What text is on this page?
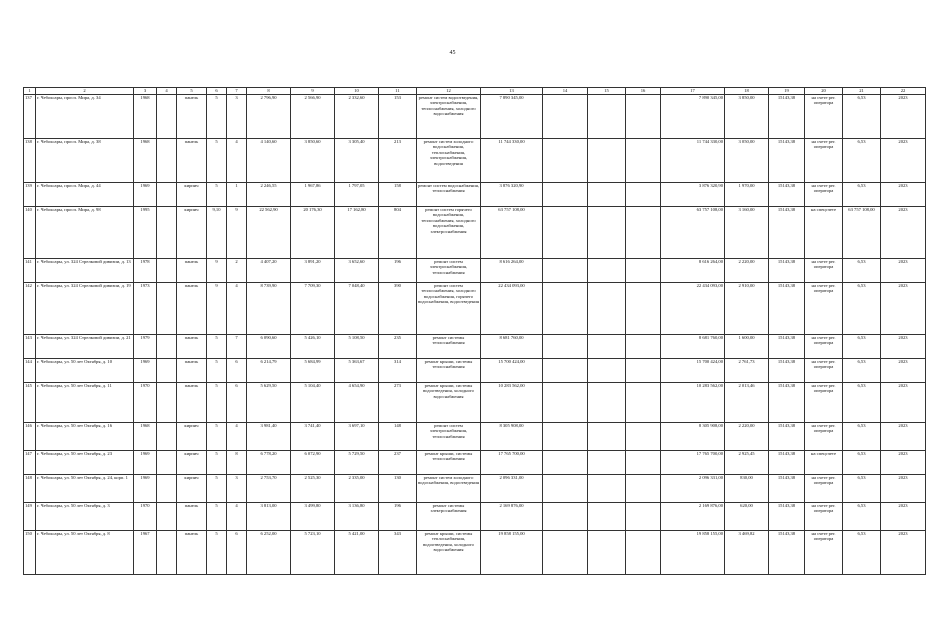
45
1	2	3	4	5	6	7	8	9	10	11	12	13	14	15	16	17	18	19	20	21	22
137	г. Чебоксары, просп. Мира, д. 34	1968		панель	5	3	2 796,90	2 566,90	2 332,60	153	ремонт систем водоотведения, электроснабжения, теплоснабжения, холодного водоснабжения	7 890 345,00				7 890 345,00	3 850,00	15143,38	на счете рег. оператора	6,53	2023
138	г. Чебоксары, просп. Мира, д. 38	1968		панель	5	4	4 140,60	3 850,60	3 305,40	213	ремонт систем холодного водоснабжения, теплоснабжения, электроснабжения, водоотведения	11 744 330,00				11 744 330,00	3 050,00	15143,38	на счете рег. оператора	6,53	2023
139	г. Чебоксары, просп. Мира, д. 44	1969		кирпич	5	1	2 246,55	1 967,86	1 797,05	158	ремонт систем водоснабжения, теплоснабжения	3 876 320,90				3 876 320,90	1 970,00	15143,38	на счете рег. оператора	6,53	2023
140	г. Чебоксары, просп. Мира, д. 98	1995		кирпич	9,10	9	22 562,90	20 176,30	17 162,80	804	ремонт систем горячего водоснабжения, теплоснабжения, холодного водоснабжения, электроснабжения	63 757 108,00				63 757 108,00	3 160,00	15143,38	на спецсчете	63 757 108,00	2023
141	г. Чебоксары, ул. 324 Стрелковой дивизии, д. 13	1978		панель	9	2	4 407,20	3 891,20	3 652,60	196	ремонт систем электроснабжения, теплоснабжения	8 616 264,00				8 616 264,00	2 220,00	15143,38	на счете рег. оператора	6,53	2023
142	г. Чебоксары, ул. 324 Стрелковой дивизии, д. 19	1973		панель	9	4	8 739,90	7 709,30	7 048,40	390	ремонт систем теплоснабжения, холодного водоснабжения, горячего водоснабжения, водоотведения	22 434 093,00				22 434 093,00	2 910,00	15143,38	на счете рег. оператора	6,53	2023
143	г. Чебоксары, ул. 324 Стрелковой дивизии, д. 21	1979		панель	5	7	6 090,60	5 426,10	5 108,50	235	ремонт системы теплоснабжения	8 681 760,00				8 681 760,00	1 600,00	15143,38	на счете рег. оператора	6,53	2023
144	г. Чебоксары, ул. 50 лет Октября, д. 10	1969		панель	5	6	6 214,79	5 684,99	5 363,67	314	ремонт крыши, системы теплоснабжения	15 700 424,00				15 700 424,00	2 761,73	15143,38	на счете рег. оператора	6,53	2023
145	г. Чебоксары, ул. 50 лет Октября, д. 11	1970		панель	5	6	5 629,50	5 104,40	4 654,90	273	ремонт крыши, системы водоотведения, холодного водоснабжения	10 283 562,00				10 283 562,00	2 013,46	15143,38	на счете рег. оператора	6,53	2023
146	г. Чебоксары, ул. 50 лет Октября, д. 16	1968		кирпич	5	4	3 981,40	3 741,40	3 697,10	148	ремонт систем электроснабжения, теплоснабжения	8 305 908,00				8 305 908,00	2 220,00	15143,38	на счете рег. оператора	6,53	2023
147	г. Чебоксары, ул. 50 лет Октября, д. 23	1969		кирпич	5	8	6 778,20	6 072,90	5 729,50	237	ремонт крыши, системы теплоснабжения	17 765 700,00				17 765 700,00	2 925,45	15143,38	на спецсчете	6,53	2023
148	г. Чебоксары, ул. 50 лет Октября, д. 24, корп. 1	1969		кирпич	5	3	2 753,70	2 525,30	2 335,00	130	ремонт систем холодного водоснабжения, водоотведения	2 096 331,00				2 096 331,00	830,00	15143,38	на счете рег. оператора	6,53	2023
149	г. Чебоксары, ул. 50 лет Октября, д. 3	1970		панель	5	4	3 813,00	3 499,80	3 136,80	196	ремонт системы электроснабжения	2 169 876,00				2 169 876,00	620,00	15143,38	на счете рег. оператора	6,53	2023
150	г. Чебоксары, ул. 50 лет Октября, д. 8	1967		панель	5	6	6 252,00	5 723,10	5 421,00	343	ремонт крыши, системы теплоснабжения, водоотведения, холодного водоснабжения	19 858 155,00				19 858 155,00	3 469,82	15143,38	на счете рег. оператора	6,53	2023
